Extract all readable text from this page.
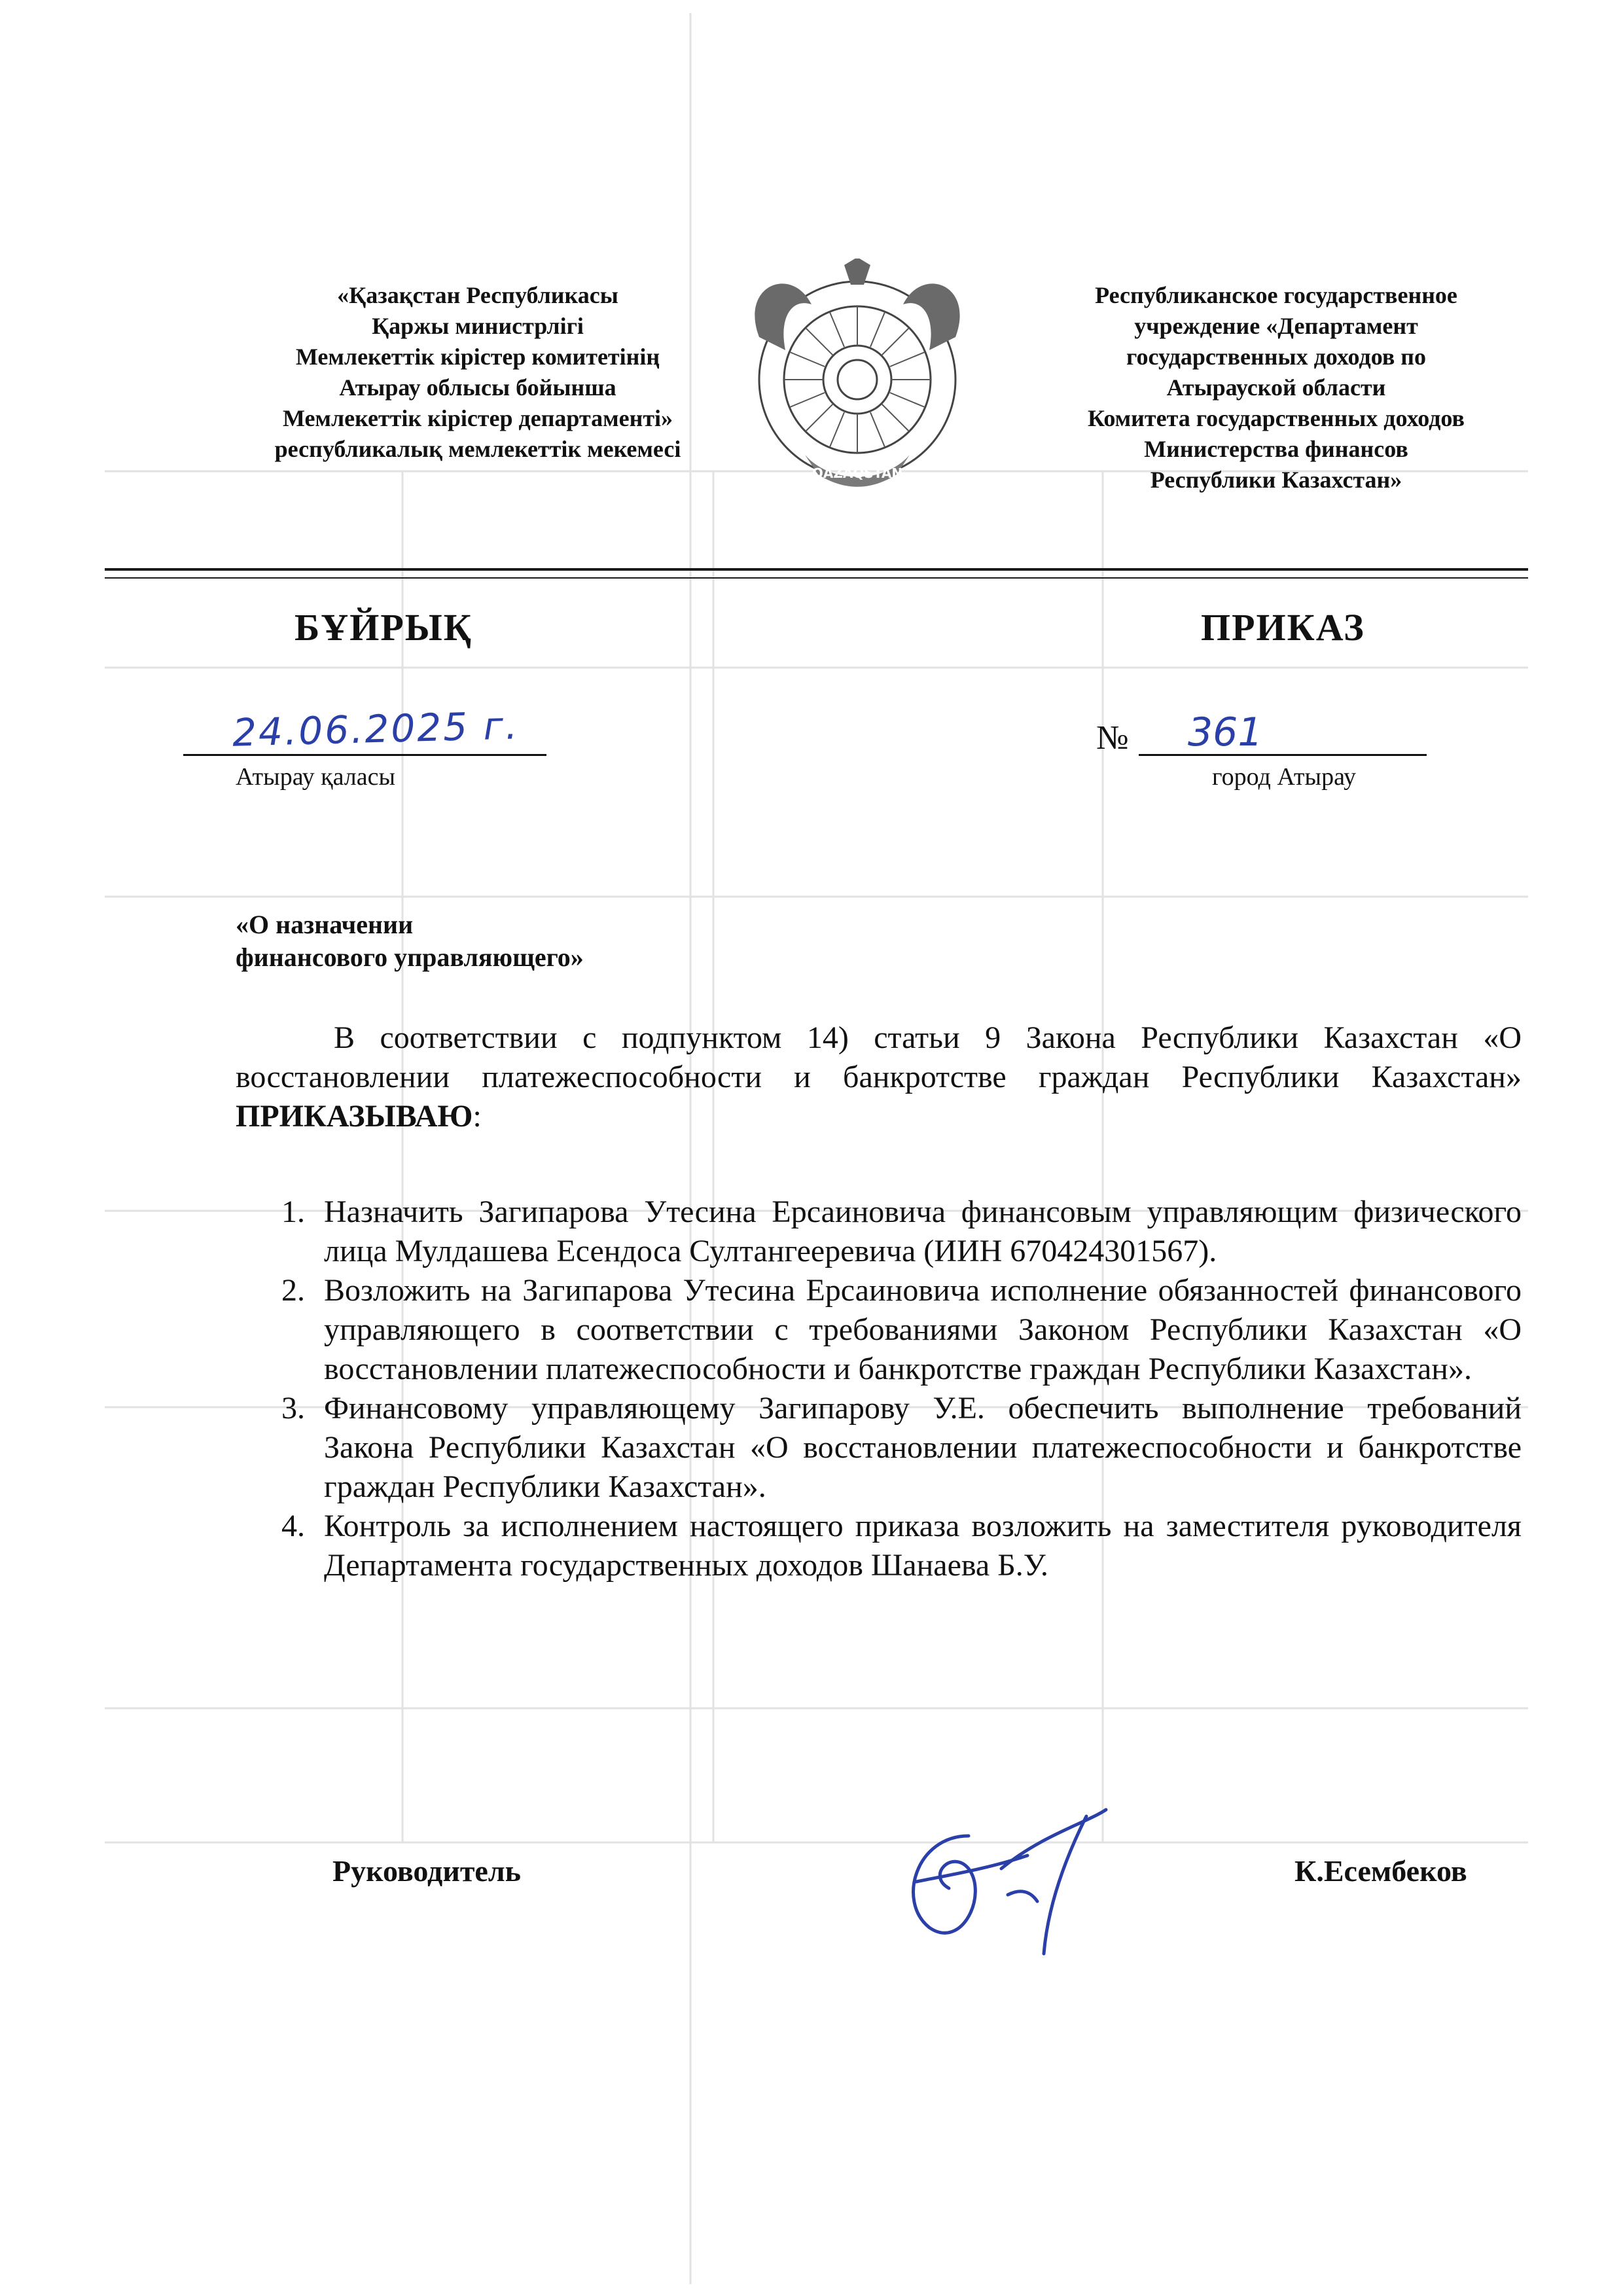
«Қазақстан Республикасы
Қаржы министрлігі
Мемлекеттік кірістер комитетінің
Атырау облысы бойынша
Мемлекеттік кірістер департаменті»
республикалық мемлекеттік мекемесі
QAZAQSTAN
Республиканское государственное
учреждение «Департамент
государственных доходов по
Атырауской области
Комитета государственных доходов
Министерства финансов
Республики Казахстан»
БҰЙРЫҚ	ПРИКАЗ
24.06.2025 г.	№ 361
Атырау қаласы	город Атырау
«О назначении
финансового управляющего»
В соответствии с подпунктом 14) статьи 9 Закона Республики Казахстан «О восстановлении платежеспособности и банкротстве граждан Республики Казахстан» ПРИКАЗЫВАЮ:
1. Назначить Загипарова Утесина Ерсаиновича финансовым управляющим физического лица Мулдашева Есендоса Султангееревича (ИИН 670424301567).
2. Возложить на Загипарова Утесина Ерсаиновича исполнение обязанностей финансового управляющего в соответствии с требованиями Законом Республики Казахстан «О восстановлении платежеспособности и банкротстве граждан Республики Казахстан».
3. Финансовому управляющему Загипарову У.Е. обеспечить выполнение требований Закона Республики Казахстан «О восстановлении платежеспособности и банкротстве граждан Республики Казахстан».
4. Контроль за исполнением настоящего приказа возложить на заместителя руководителя Департамента государственных доходов Шанаева Б.У.
Руководитель	К.Есембеков
